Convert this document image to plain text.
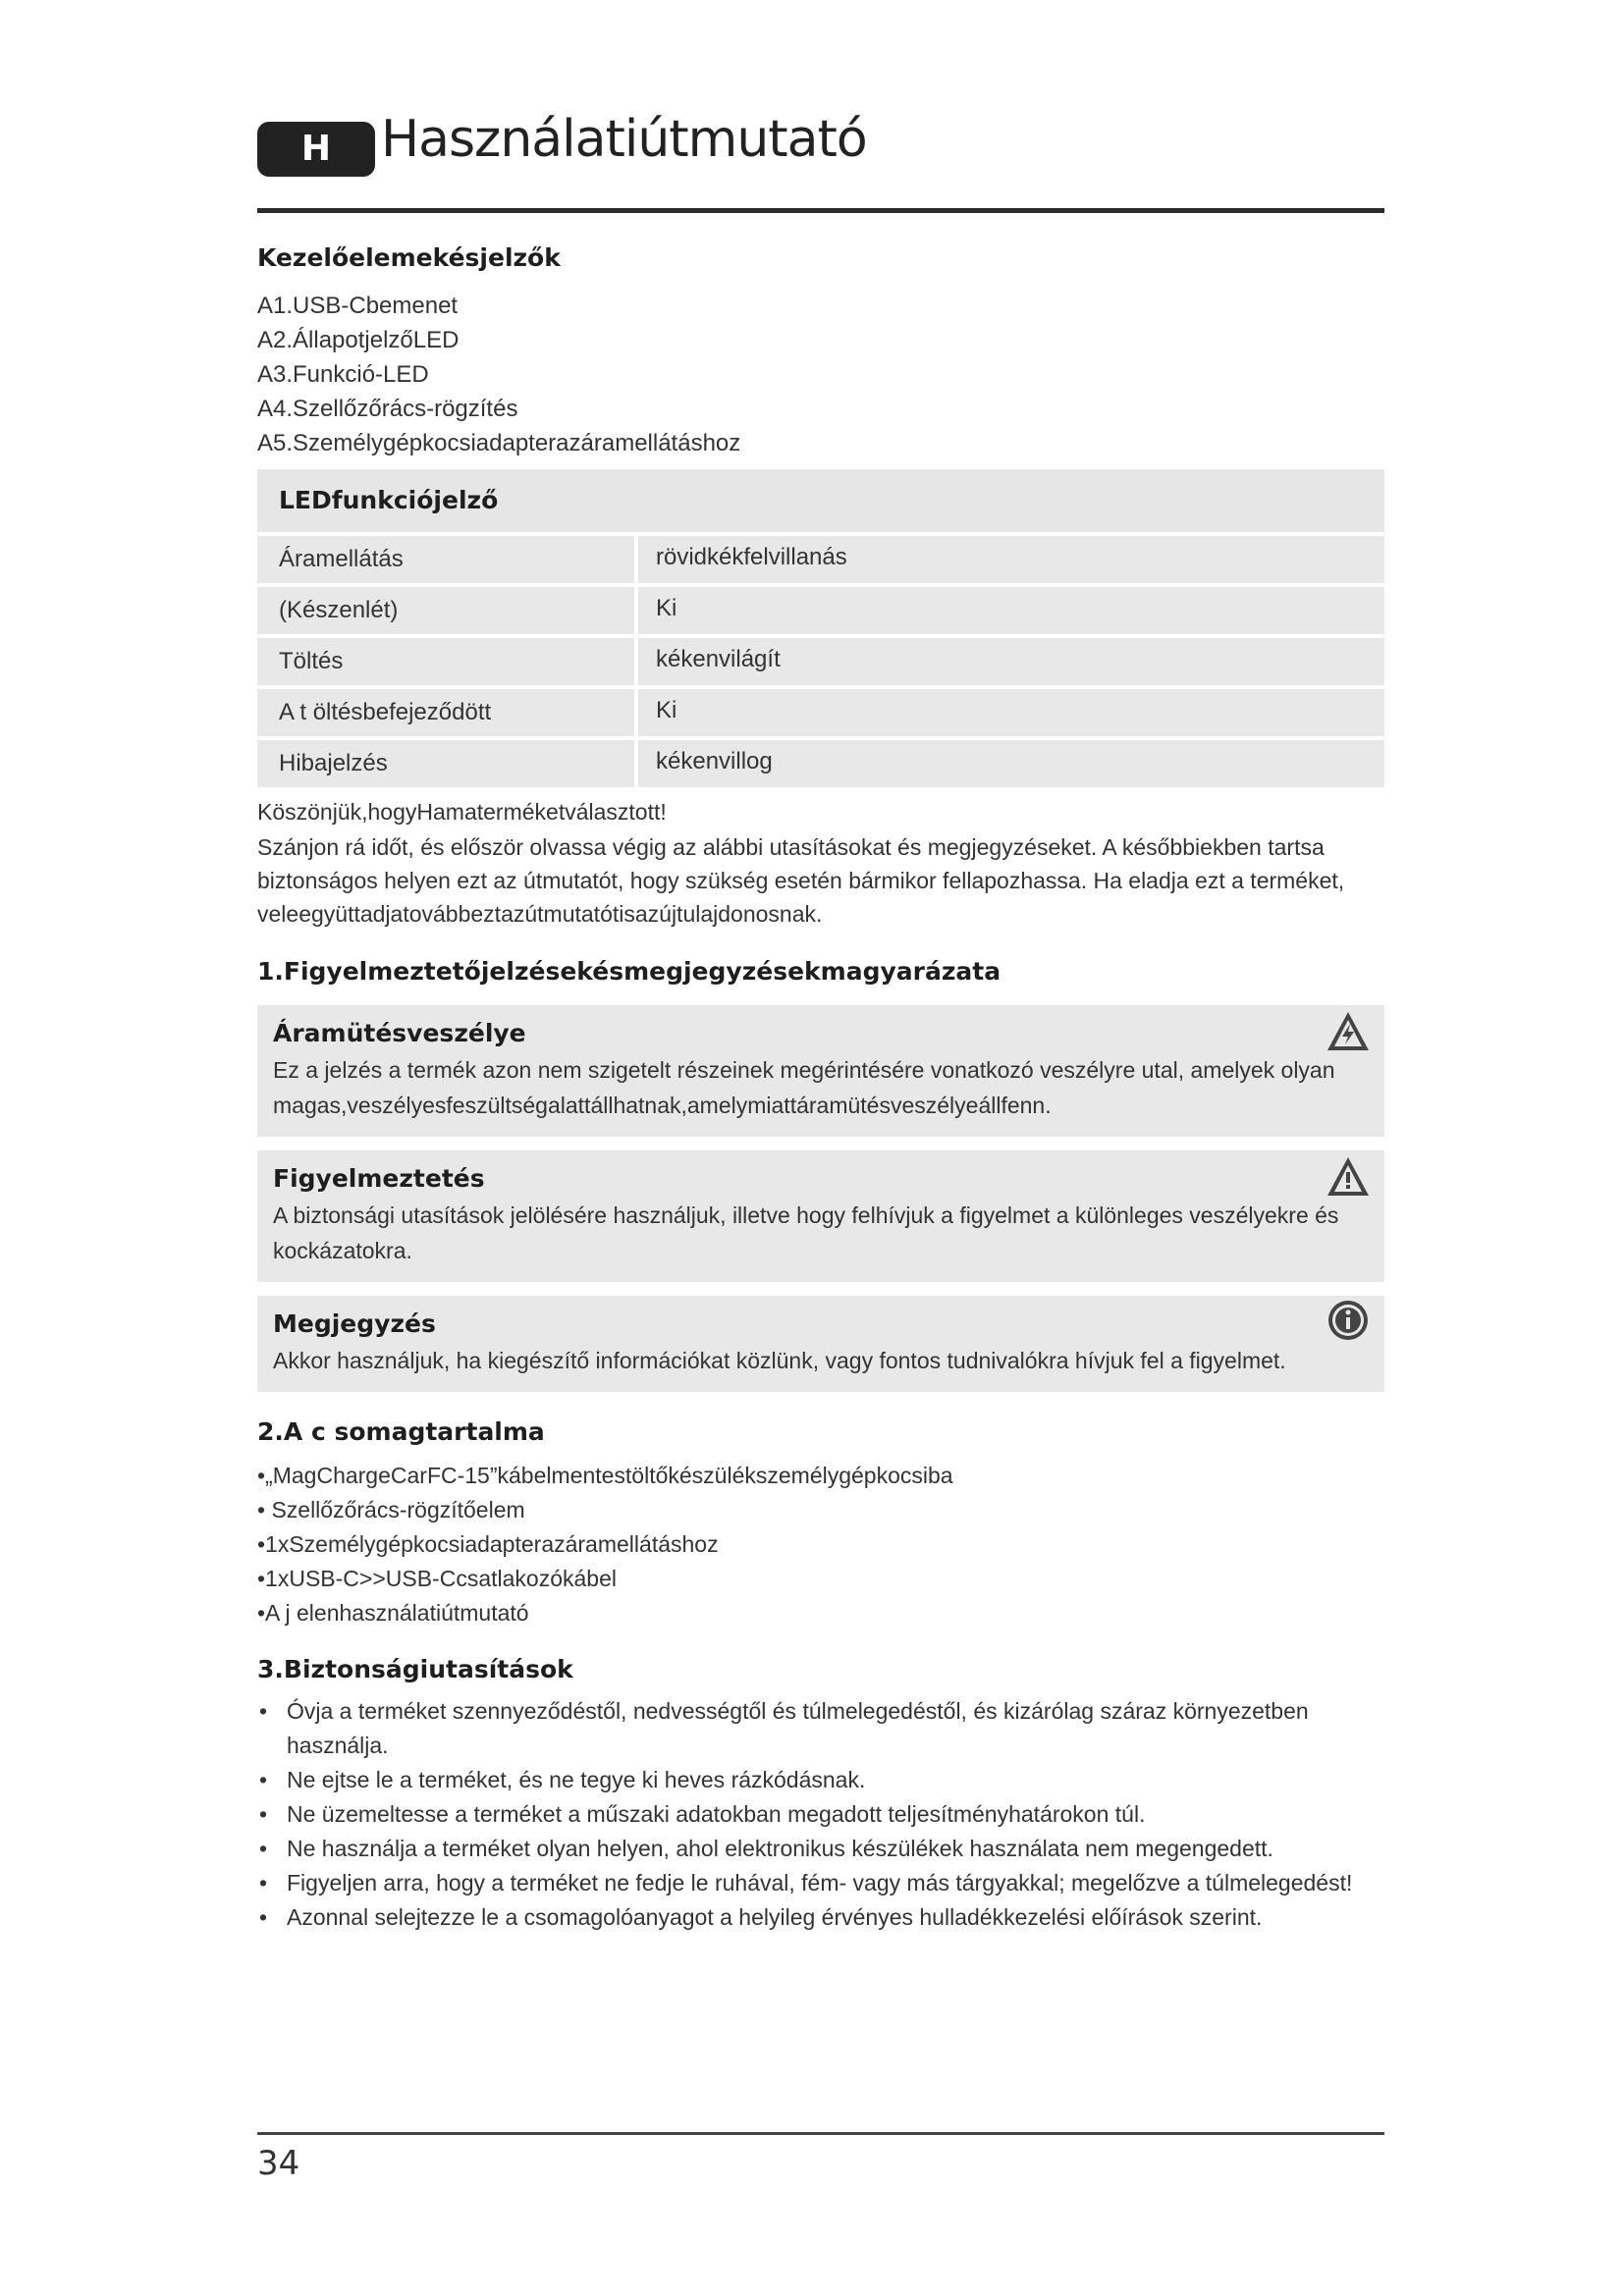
H Használatiútmutató
Kezelőelemekésjelzők
A1.USB-Cbemenet
A2.ÁllapotjelzőLED
A3.Funkció-LED
A4.Szellőzőrács-rögzítés
A5.Személygépkocsiadapterazáramellátáshoz
LEDfunkciójelző
Áramellátás	rövidkékfelvillanás
(Készenlét)	Ki
Töltés	kékenvilágít
A t öltésbefejeződött	Ki
Hibajelzés	kékenvillog
Köszönjük,hogyHamaterméketválasztott!
Szánjon rá időt, és először olvassa végig az alábbi utasításokat és megjegyzéseket. A későbbiekben tartsa
biztonságos helyen ezt az útmutatót, hogy szükség esetén bármikor fellapozhassa. Ha eladja ezt a terméket,
veleegyüttadjatovábbeztazútmutatótisazújtulajdonosnak.
1.Figyelmeztetőjelzésekésmegjegyzésekmagyarázata
Áramütésveszélye
Ez a jelzés a termék azon nem szigetelt részeinek megérintésére vonatkozó veszélyre utal, amelyek olyan
magas,veszélyesfeszültségalattállhatnak,amelymiattáramütésveszélyeállfenn.
Figyelmeztetés
A biztonsági utasítások jelölésére használjuk, illetve hogy felhívjuk a figyelmet a különleges veszélyekre és
kockázatokra.
Megjegyzés
Akkor használjuk, ha kiegészítő információkat közlünk, vagy fontos tudnivalókra hívjuk fel a figyelmet.
2.A c somagtartalma
•„MagChargeCarFC-15”kábelmentestöltőkészülékszemélygépkocsiba
• Szellőzőrács-rögzítőelem
•1xSzemélygépkocsiadapterazáramellátáshoz
•1xUSB-C>>USB-Ccsatlakozókábel
•A j elenhasználatiútmutató
3.Biztonságiutasítások
• Óvja a terméket szennyeződéstől, nedvességtől és túlmelegedéstől, és kizárólag száraz környezetben
használja.
• Ne ejtse le a terméket, és ne tegye ki heves rázkódásnak.
• Ne üzemeltesse a terméket a műszaki adatokban megadott teljesítményhatárokon túl.
• Ne használja a terméket olyan helyen, ahol elektronikus készülékek használata nem megengedett.
• Figyeljen arra, hogy a terméket ne fedje le ruhával, fém- vagy más tárgyakkal; megelőzve a túlmelegedést!
• Azonnal selejtezze le a csomagolóanyagot a helyileg érvényes hulladékkezelési előírások szerint.
34
